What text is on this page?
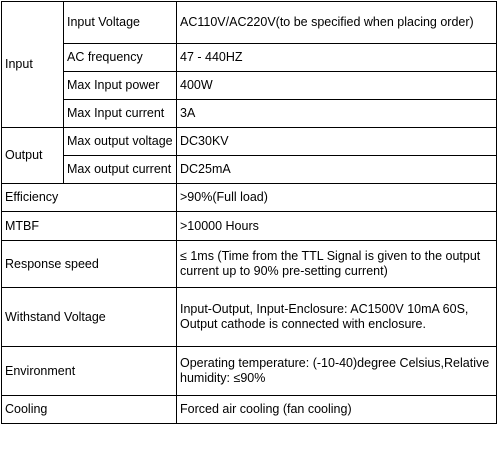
Input	Input Voltage	AC110V/AC220V(to be specified when placing order)
	AC frequency	47 - 440HZ
	Max Input power	400W
	Max Input current	3A
Output	Max output voltage	DC30KV
	Max output current	DC25mA
Efficiency		>90%(Full load)
MTBF		>10000 Hours
Response speed		≤ 1ms (Time from the TTL Signal is given to the output current up to 90% pre-setting current)
Withstand Voltage		Input-Output, Input-Enclosure: AC1500V 10mA 60S, Output cathode is connected with enclosure.
Environment		Operating temperature: (-10-40)degree Celsius,Relative humidity: ≤90%
Cooling		Forced air cooling (fan cooling)
